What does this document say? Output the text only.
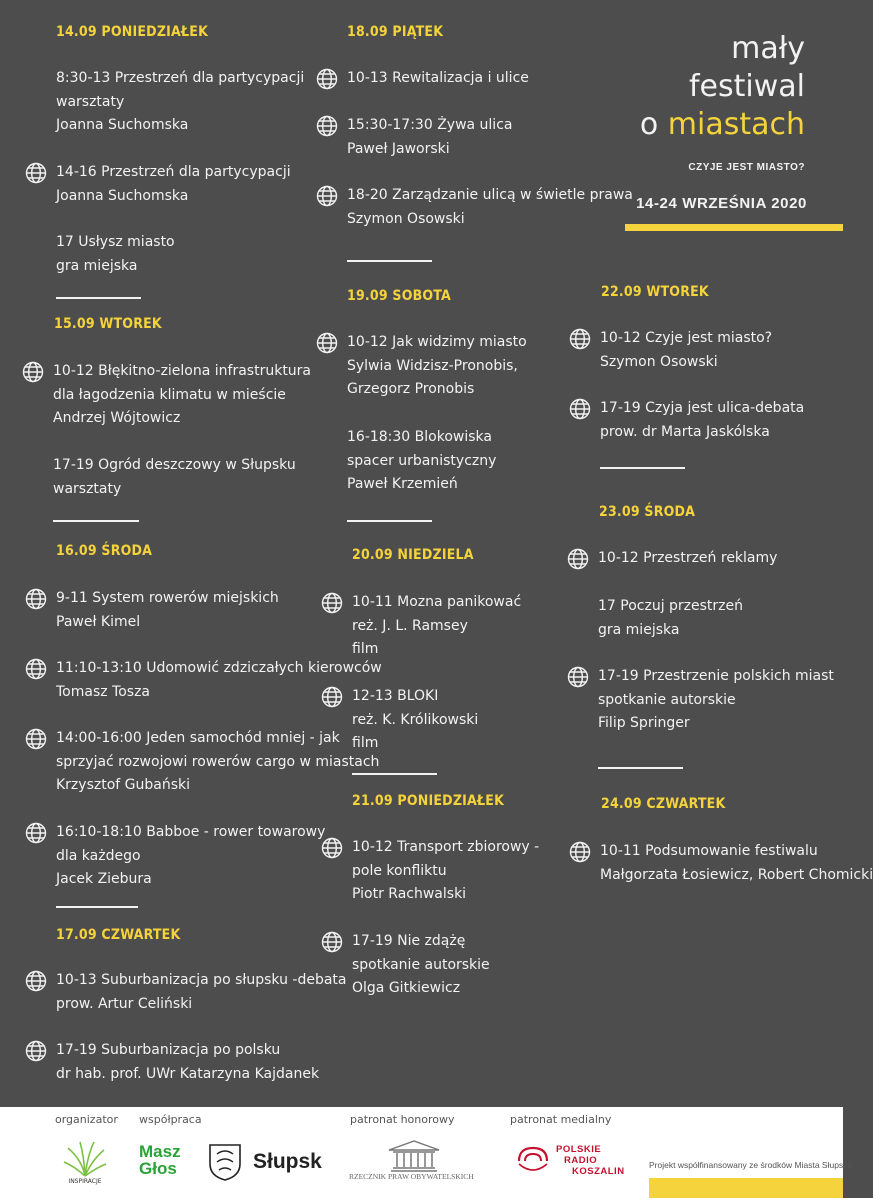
mały
festiwal
o miastach
CZYJE JEST MIASTO?
14-24 WRZEŚNIA 2020
14.09 PONIEDZIAŁEK
8:30-13 Przestrzeń dla partycypacji
warsztaty
Joanna Suchomska
14-16 Przestrzeń dla partycypacji
Joanna Suchomska
17 Usłysz miasto
gra miejska
15.09 WTOREK
10-12 Błękitno-zielona infrastruktura
dla łagodzenia klimatu w mieście
Andrzej Wójtowicz
17-19 Ogród deszczowy w Słupsku
warsztaty
16.09 ŚRODA
9-11 System rowerów miejskich
Paweł Kimel
11:10-13:10 Udomowić zdziczałych kierowców
Tomasz Tosza
14:00-16:00 Jeden samochód mniej - jak
sprzyjać rozwojowi rowerów cargo w miastach
Krzysztof Gubański
16:10-18:10 Babboe - rower towarowy
dla każdego
Jacek Ziebura
17.09 CZWARTEK
10-13 Suburbanizacja po słupsku -debata
prow. Artur Celiński
17-19 Suburbanizacja po polsku
dr hab. prof. UWr Katarzyna Kajdanek
18.09 PIĄTEK
10-13 Rewitalizacja i ulice
15:30-17:30 Żywa ulica
Paweł Jaworski
18-20 Zarządzanie ulicą w świetle prawa
Szymon Osowski
19.09 SOBOTA
10-12 Jak widzimy miasto
Sylwia Widzisz-Pronobis,
Grzegorz Pronobis
16-18:30 Blokowiska
spacer urbanistyczny
Paweł Krzemień
20.09 NIEDZIELA
10-11 Mozna panikować
reż. J. L. Ramsey
film
12-13 BLOKI
reż. K. Królikowski
film
21.09 PONIEDZIAŁEK
10-12 Transport zbiorowy -
pole konfliktu
Piotr Rachwalski
17-19 Nie zdążę
spotkanie autorskie
Olga Gitkiewicz
22.09 WTOREK
10-12 Czyje jest miasto?
Szymon Osowski
17-19 Czyja jest ulica-debata
prow. dr Marta Jaskólska
23.09 ŚRODA
10-12 Przestrzeń reklamy
17 Poczuj przestrzeń
gra miejska
17-19 Przestrzenie polskich miast
spotkanie autorskie
Filip Springer
24.09 CZWARTEK
10-11 Podsumowanie festiwalu
Małgorzata Łosiewicz, Robert Chomicki
organizator współpraca	patronat honorowy	patronat medialny
INSPIRACJE
Masz
Głos	Słupsk
RZECZNIK PRAW OBYWATELSKICH
POLSKIE
RADIO
KOSZALIN
Projekt współfinansowany ze środków Miasta Słupska
